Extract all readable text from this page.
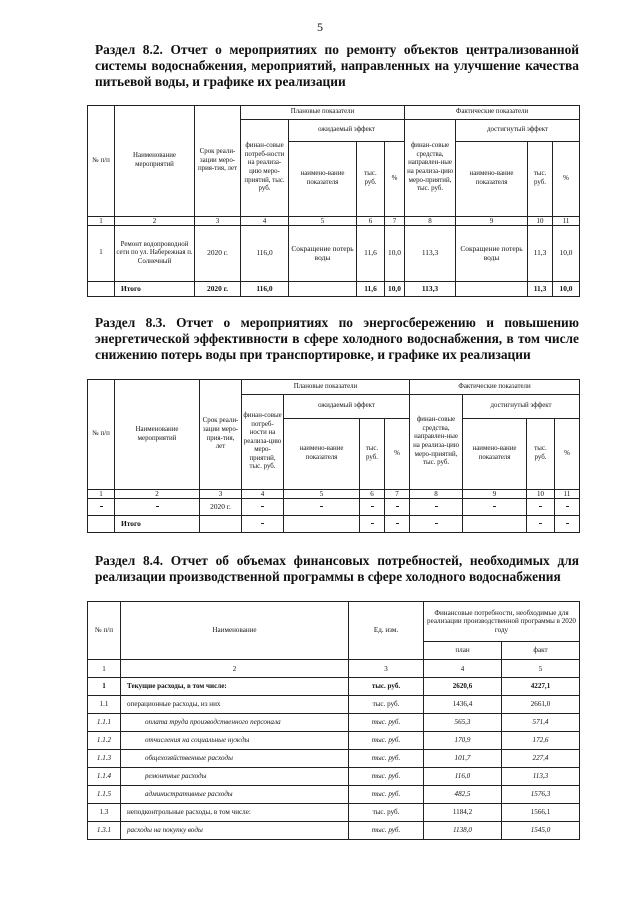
5
Раздел 8.2. Отчет о мероприятиях по ремонту объектов централизованной системы водоснабжения, мероприятий, направленных на улучшение качества питьевой воды, и графике их реализации
№ п/п	Наименование мероприятий	Срок реали-зации меро-прия-тия, лет	Плановые показатели				Фактические показатели			
			финан-совые потреб-ности на реализа-цию меро-приятий, тыс. руб.	ожидаемый эффект			финан-совые средства, направлен-ные на реализа-цию меро-приятий, тыс. руб.	достигнутый эффект		
				наимено-вание показателя	тыс. руб.	%		наимено-вание показателя	тыс. руб.	%
1	2	3	4	5	6	7	8	9	10	11
1	Ремонт водопроводной сети по ул. Набережная п. Солнечный	2020 г.	116,0	Сокращение потерь воды	11,6	10,0	113,3	Сокращение потерь воды	11,3	10,0
	Итого	2020 г.	116,0		11,6	10,0	113,3		11,3	10,0
Раздел 8.3. Отчет о мероприятиях по энергосбережению и повышению энергетической эффективности в сфере холодного водоснабжения, в том числе снижению потерь воды при транспортировке, и графике их реализации
№ п/п	Наименование мероприятий	Срок реали-зации меро-прия-тия, лет	Плановые показатели				Фактические показатели			
			финан-совые потреб-ности на реализа-цию меро-приятий, тыс. руб.	ожидаемый эффект			финан-совые средства, направлен-ные на реализа-цию меро-приятий, тыс. руб.	достигнутый эффект		
				наимено-вание показателя	тыс. руб.	%		наимено-вание показателя	тыс. руб.	%
1	2	3	4	5	6	7	8	9	10	11
		2020 г.								
	Итого									
Раздел 8.4. Отчет об объемах финансовых потребностей, необходимых для реализации производственной программы в сфере холодного водоснабжения
№ п/п	Наименование	Ед. изм.	Финансовые потребности, необходимые для реализации производственной программы в 2020 году	
			план	факт
1	2	3	4	5
1	Текущие расходы, в том числе:	тыс. руб.	2620,6	4227,1
1.1	операционные расходы, из них	тыс. руб.	1436,4	2661,0
1.1.1	оплата труда производственного персонала	тыс. руб.	565,3	571,4
1.1.2	отчисления на социальные нужды	тыс. руб.	170,9	172,6
1.1.3	общехозяйственные расходы	тыс. руб.	101,7	227,4
1.1.4	ремонтные расходы	тыс. руб.	116,0	113,3
1.1.5	административные расходы	тыс. руб.	482,5	1576,3
1.3	неподконтрольные расходы, в том числе:	тыс. руб.	1184,2	1566,1
1.3.1	расходы на покупку воды	тыс. руб.	1138,0	1545,0
